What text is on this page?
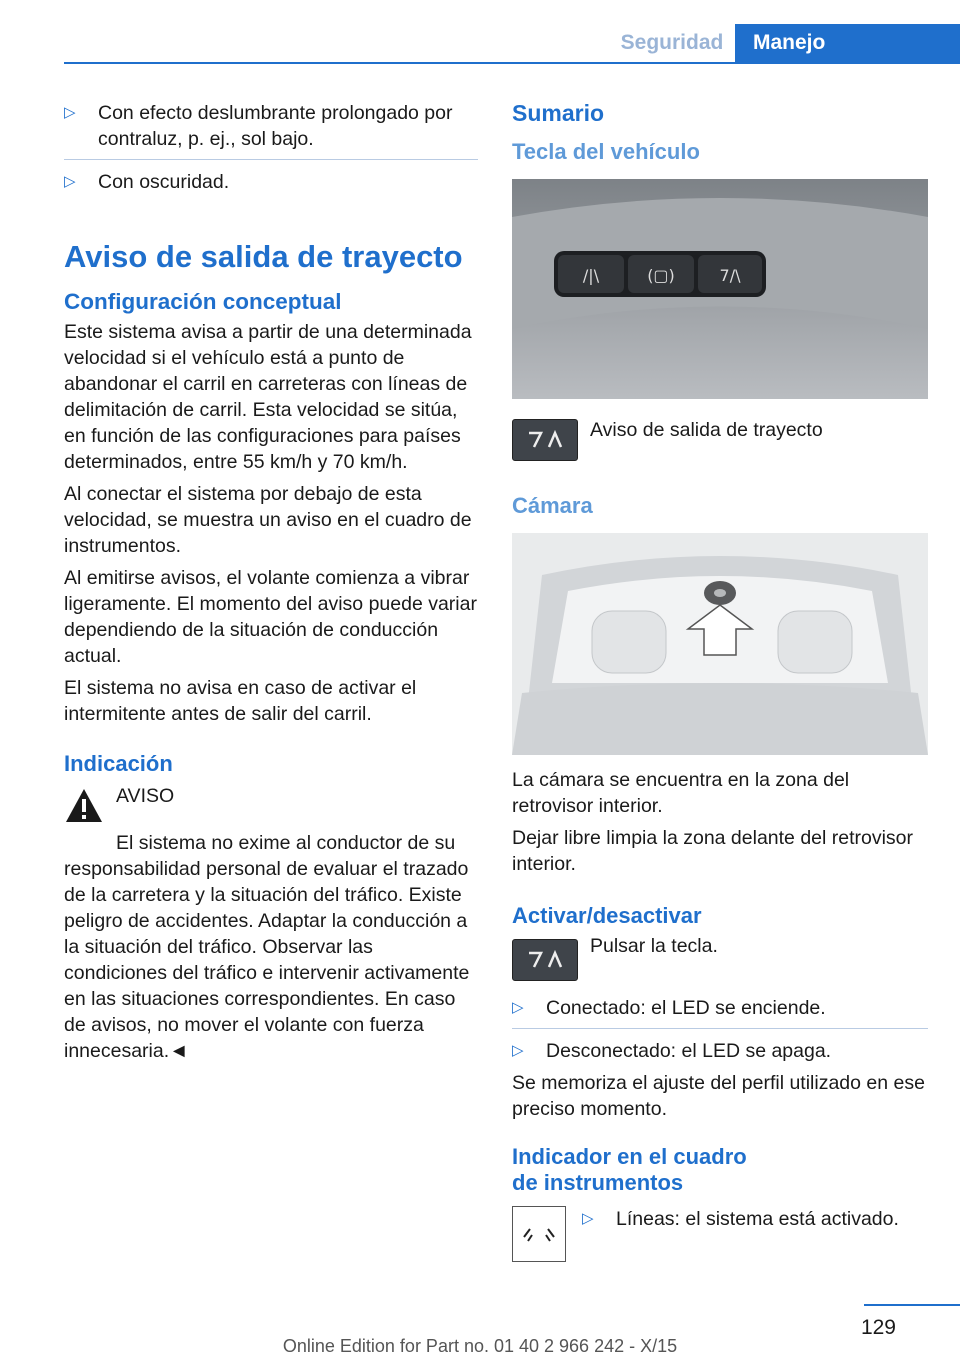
Seguridad	Manejo
▷	Con efecto deslumbrante prolongado por contraluz, p. ej., sol bajo.
▷	Con oscuridad.
Aviso de salida de trayecto
Configuración conceptual

Este sistema avisa a partir de una determinada velocidad si el vehículo está a punto de abandonar el carril en carreteras con líneas de delimitación de carril. Esta velocidad se sitúa, en función de las configuraciones para países determinados, entre 55 km/h y 70 km/h.

Al conectar el sistema por debajo de esta velocidad, se muestra un aviso en el cuadro de instrumentos.

Al emitirse avisos, el volante comienza a vibrar ligeramente. El momento del aviso puede variar dependiendo de la situación de conducción actual.

El sistema no avisa en caso de activar el intermitente antes de salir del carril.

Indicación

AVISO

El sistema no exime al conductor de su responsabilidad personal de evaluar el trazado de la carretera y la situación del tráfico. Existe peligro de accidentes. Adaptar la conducción a la situación del tráfico. Observar las condiciones del tráfico e intervenir activamente en las situaciones correspondientes. En caso de avisos, no mover el volante con fuerza innecesaria.◄

Sumario
Tecla del vehículo
/|\	(▢)	7/\

Aviso de salida de trayecto

Cámara

La cámara se encuentra en la zona del retrovisor interior.

Dejar libre limpia la zona delante del retrovisor interior.

Activar/desactivar

Pulsar la tecla.

▷	Conectado: el LED se enciende.
▷	Desconectado: el LED se apaga.

Se memoriza el ajuste del perfil utilizado en ese preciso momento.

Indicador en el cuadro
de instrumentos
▷	Líneas: el sistema está activado.
129
Online Edition for Part no. 01 40 2 966 242 - X/15
